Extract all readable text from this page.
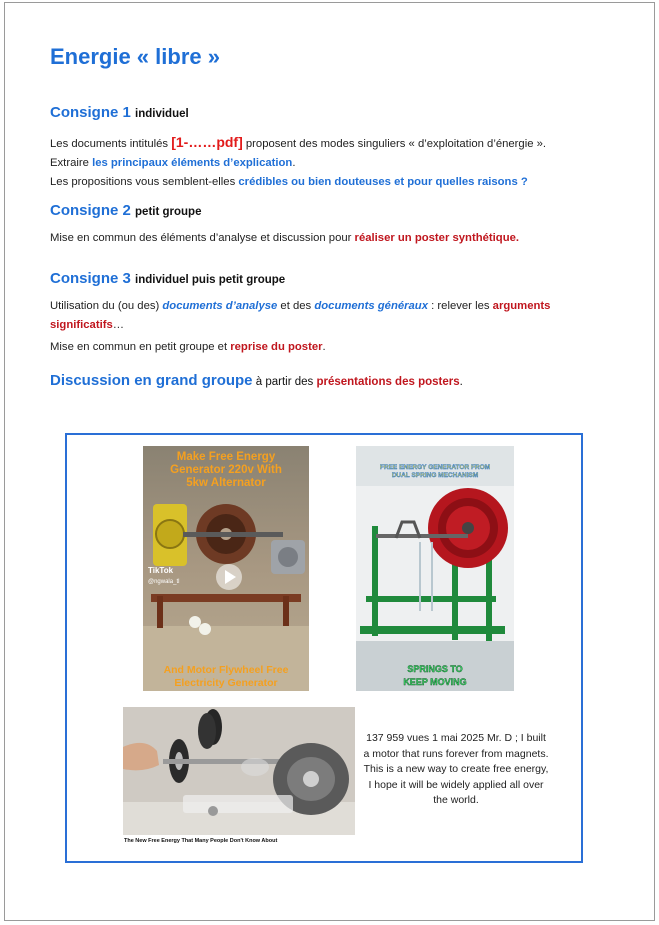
Energie « libre »
Consigne 1 individuel

Les documents intitulés [1-……pdf] proposent des modes singuliers « d’exploitation d’énergie ».
Extraire les principaux éléments d’explication.
Les propositions vous semblent-elles crédibles ou bien douteuses et pour quelles raisons ?

Consigne 2 petit groupe

Mise en commun des éléments d’analyse et discussion pour réaliser un poster synthétique.

Consigne 3 individuel puis petit groupe

Utilisation du (ou des) documents d’analyse et des documents généraux : relever les arguments significatifs…

Mise en commun en petit groupe et reprise du poster.

Discussion en grand groupe à partir des présentations des posters.
TikTok
@ngwala_tl
Make Free Energy
Generator 220v With
5kw Alternator
And Motor Flywheel Free
Electricity Generator
FREE ENERGY GENERATOR FROM
DUAL SPRING MECHANISM
SPRINGS TO
KEEP MOVING
The New Free Energy That Many People Don't Know About
137 959 vues 1 mai 2025 Mr. D ; I built a motor that runs forever from magnets. This is a new way to create free energy, I hope it will be widely applied all over the world.
